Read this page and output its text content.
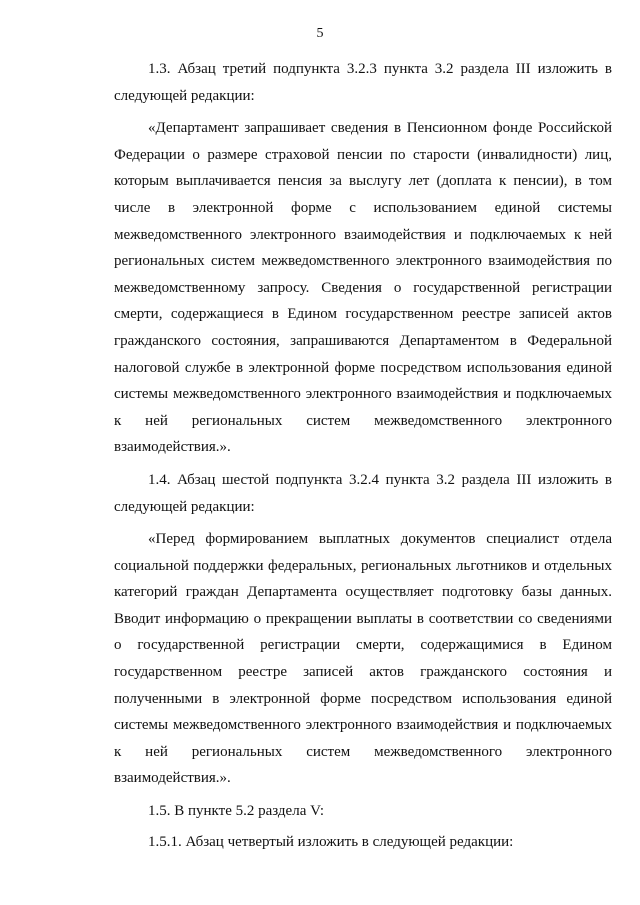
5

1.3. Абзац третий подпункта 3.2.3 пункта 3.2 раздела III изложить в следующей редакции:

«Департамент запрашивает сведения в Пенсионном фонде Российской Федерации о размере страховой пенсии по старости (инвалидности) лиц, которым выплачивается пенсия за выслугу лет (доплата к пенсии), в том числе в электронной форме с использованием единой системы межведомственного электронного взаимодействия и подключаемых к ней региональных систем межведомственного электронного взаимодействия по межведомственному запросу. Сведения о государственной регистрации смерти, содержащиеся в Едином государственном реестре записей актов гражданского состояния, запрашиваются Департаментом в Федеральной налоговой службе в электронной форме посредством использования единой системы межведомственного электронного взаимодействия и подключаемых к ней региональных систем межведомственного электронного взаимодействия.».

1.4. Абзац шестой подпункта 3.2.4 пункта 3.2 раздела III изложить в следующей редакции:

«Перед формированием выплатных документов специалист отдела социальной поддержки федеральных, региональных льготников и отдельных категорий граждан Департамента осуществляет подготовку базы данных. Вводит информацию о прекращении выплаты в соответствии со сведениями о государственной регистрации смерти, содержащимися в Едином государственном реестре записей актов гражданского состояния и полученными в электронной форме посредством использования единой системы межведомственного электронного взаимодействия и подключаемых к ней региональных систем межведомственного электронного взаимодействия.».

1.5. В пункте 5.2 раздела V:

1.5.1. Абзац четвертый изложить в следующей редакции:
